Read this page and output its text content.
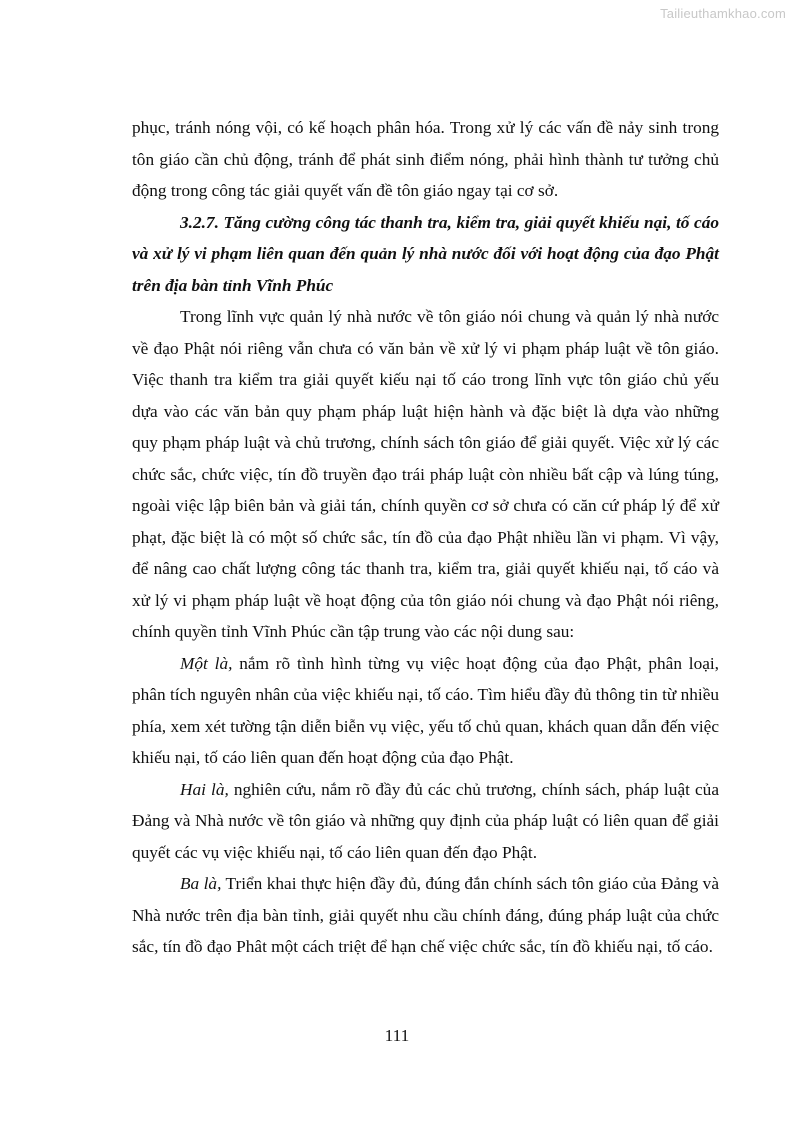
Tailieuthamkhao.com

phục, tránh nóng vội, có kế hoạch phân hóa. Trong xử lý các vấn đề nảy sinh trong tôn giáo cần chủ động, tránh để phát sinh điểm nóng, phải hình thành tư tưởng chủ động trong công tác giải quyết vấn đề tôn giáo ngay tại cơ sở.

3.2.7. Tăng cường công tác thanh tra, kiểm tra, giải quyết khiếu nại, tố cáo và xử lý vi phạm liên quan đến quản lý nhà nước đối với hoạt động của đạo Phật trên địa bàn tỉnh Vĩnh Phúc

Trong lĩnh vực quản lý nhà nước về tôn giáo nói chung và quản lý nhà nước về đạo Phật nói riêng vẫn chưa có văn bản về xử lý vi phạm pháp luật về tôn giáo. Việc thanh tra kiểm tra giải quyết kiếu nại tố cáo trong lĩnh vực tôn giáo chủ yếu dựa vào các văn bản quy phạm pháp luật hiện hành và đặc biệt là dựa vào những quy phạm pháp luật và chủ trương, chính sách tôn giáo để giải quyết. Việc xử lý các chức sắc, chức việc, tín đồ truyền đạo trái pháp luật còn nhiều bất cập và lúng túng, ngoài việc lập biên bản và giải tán, chính quyền cơ sở chưa có căn cứ pháp lý để xử phạt, đặc biệt là có một số chức sắc, tín đồ của đạo Phật nhiều lần vi phạm. Vì vậy, để nâng cao chất lượng công tác thanh tra, kiểm tra, giải quyết khiếu nại, tố cáo và xử lý vi phạm pháp luật về hoạt động của tôn giáo nói chung và đạo Phật nói riêng, chính quyền tỉnh Vĩnh Phúc cần tập trung vào các nội dung sau:

Một là, nắm rõ tình hình từng vụ việc hoạt động của đạo Phật, phân loại, phân tích nguyên nhân của việc khiếu nại, tố cáo. Tìm hiểu đầy đủ thông tin từ nhiều phía, xem xét tường tận diễn biễn vụ việc, yếu tố chủ quan, khách quan dẫn đến việc khiếu nại, tố cáo liên quan đến hoạt động của đạo Phật.

Hai là, nghiên cứu, nắm rõ đầy đủ các chủ trương, chính sách, pháp luật của Đảng và Nhà nước về tôn giáo và những quy định của pháp luật có liên quan để giải quyết các vụ việc khiếu nại, tố cáo liên quan đến đạo Phật.

Ba là, Triển khai thực hiện đầy đủ, đúng đắn chính sách tôn giáo của Đảng và Nhà nước trên địa bàn tỉnh, giải quyết nhu cầu chính đáng, đúng pháp luật của chức sắc, tín đồ đạo Phât một cách triệt để hạn chế việc chức sắc, tín đồ khiếu nại, tố cáo.

111
